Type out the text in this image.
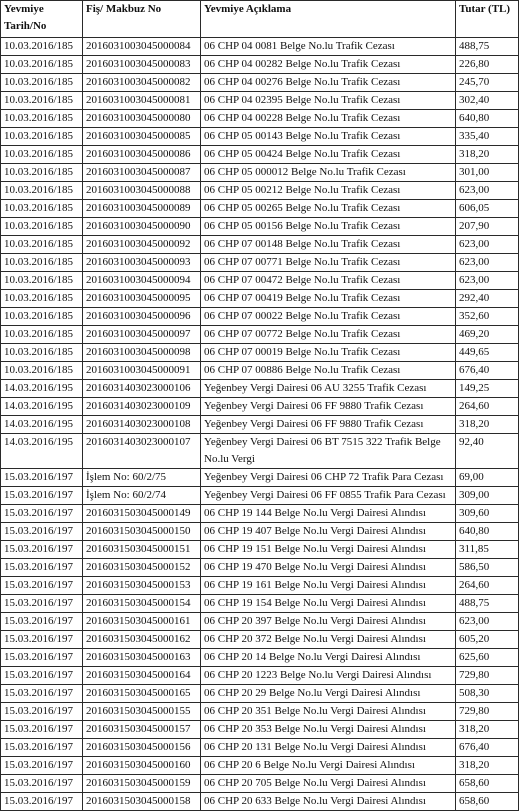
Yevmiye Tarih/No	Fiş/ Makbuz No	Yevmiye Açıklama	Tutar (TL)
10.03.2016/185	2016031003045000084	06 CHP 04 0081 Belge No.lu Trafik Cezası	488,75
10.03.2016/185	2016031003045000083	06 CHP 04 00282 Belge No.lu Trafik Cezası	226,80
10.03.2016/185	2016031003045000082	06 CHP 04 00276 Belge No.lu Trafik Cezası	245,70
10.03.2016/185	2016031003045000081	06 CHP 04 02395 Belge No.lu Trafik Cezası	302,40
10.03.2016/185	2016031003045000080	06 CHP 04 00228 Belge No.lu Trafik Cezası	640,80
10.03.2016/185	2016031003045000085	06 CHP 05 00143 Belge No.lu Trafik Cezası	335,40
10.03.2016/185	2016031003045000086	06 CHP 05 00424 Belge No.lu Trafik Cezası	318,20
10.03.2016/185	2016031003045000087	06 CHP 05 000012 Belge No.lu Trafik Cezası	301,00
10.03.2016/185	2016031003045000088	06 CHP 05 00212 Belge No.lu Trafik Cezası	623,00
10.03.2016/185	2016031003045000089	06 CHP 05 00265 Belge No.lu Trafik Cezası	606,05
10.03.2016/185	2016031003045000090	06 CHP 05 00156 Belge No.lu Trafik Cezası	207,90
10.03.2016/185	2016031003045000092	06 CHP 07 00148 Belge No.lu Trafik Cezası	623,00
10.03.2016/185	2016031003045000093	06 CHP 07 00771 Belge No.lu Trafik Cezası	623,00
10.03.2016/185	2016031003045000094	06 CHP 07 00472 Belge No.lu Trafik Cezası	623,00
10.03.2016/185	2016031003045000095	06 CHP 07 00419 Belge No.lu Trafik Cezası	292,40
10.03.2016/185	2016031003045000096	06 CHP 07 00022 Belge No.lu Trafik Cezası	352,60
10.03.2016/185	2016031003045000097	06 CHP 07 00772 Belge No.lu Trafik Cezası	469,20
10.03.2016/185	2016031003045000098	06 CHP 07 00019 Belge No.lu Trafik Cezası	449,65
10.03.2016/185	2016031003045000091	06 CHP 07 00886 Belge No.lu Trafik Cezası	676,40
14.03.2016/195	2016031403023000106	Yeğenbey Vergi Dairesi 06 AU 3255 Trafik Cezası	149,25
14.03.2016/195	2016031403023000109	Yeğenbey Vergi Dairesi 06 FF 9880 Trafik Cezası	264,60
14.03.2016/195	2016031403023000108	Yeğenbey Vergi Dairesi 06 FF 9880 Trafik Cezası	318,20
14.03.2016/195	2016031403023000107	Yeğenbey Vergi Dairesi 06 BT 7515 322 Trafik Belge No.lu Vergi	92,40
15.03.2016/197	İşlem No: 60/2/75	Yeğenbey Vergi Dairesi 06 CHP 72 Trafik Para Cezası	69,00
15.03.2016/197	İşlem No: 60/2/74	Yeğenbey Vergi Dairesi 06 FF 0855 Trafik Para Cezası	309,00
15.03.2016/197	2016031503045000149	06 CHP 19 144 Belge No.lu Vergi Dairesi Alındısı	309,60
15.03.2016/197	2016031503045000150	06 CHP 19 407 Belge No.lu Vergi Dairesi Alındısı	640,80
15.03.2016/197	2016031503045000151	06 CHP 19 151 Belge No.lu Vergi Dairesi Alındısı	311,85
15.03.2016/197	2016031503045000152	06 CHP 19 470 Belge No.lu Vergi Dairesi Alındısı	586,50
15.03.2016/197	2016031503045000153	06 CHP 19 161 Belge No.lu Vergi Dairesi Alındısı	264,60
15.03.2016/197	2016031503045000154	06 CHP 19 154 Belge No.lu Vergi Dairesi Alındısı	488,75
15.03.2016/197	2016031503045000161	06 CHP 20 397 Belge No.lu Vergi Dairesi Alındısı	623,00
15.03.2016/197	2016031503045000162	06 CHP 20 372 Belge No.lu Vergi Dairesi Alındısı	605,20
15.03.2016/197	2016031503045000163	06 CHP 20 14 Belge No.lu Vergi Dairesi Alındısı	625,60
15.03.2016/197	2016031503045000164	06 CHP 20 1223 Belge No.lu Vergi Dairesi Alındısı	729,80
15.03.2016/197	2016031503045000165	06 CHP 20 29 Belge No.lu Vergi Dairesi Alındısı	508,30
15.03.2016/197	2016031503045000155	06 CHP 20 351 Belge No.lu Vergi Dairesi Alındısı	729,80
15.03.2016/197	2016031503045000157	06 CHP 20 353 Belge No.lu Vergi Dairesi Alındısı	318,20
15.03.2016/197	2016031503045000156	06 CHP 20 131 Belge No.lu Vergi Dairesi Alındısı	676,40
15.03.2016/197	2016031503045000160	06 CHP 20 6 Belge No.lu Vergi Dairesi Alındısı	318,20
15.03.2016/197	2016031503045000159	06 CHP 20 705 Belge No.lu Vergi Dairesi Alındısı	658,60
15.03.2016/197	2016031503045000158	06 CHP 20 633 Belge No.lu Vergi Dairesi Alındısı	658,60
